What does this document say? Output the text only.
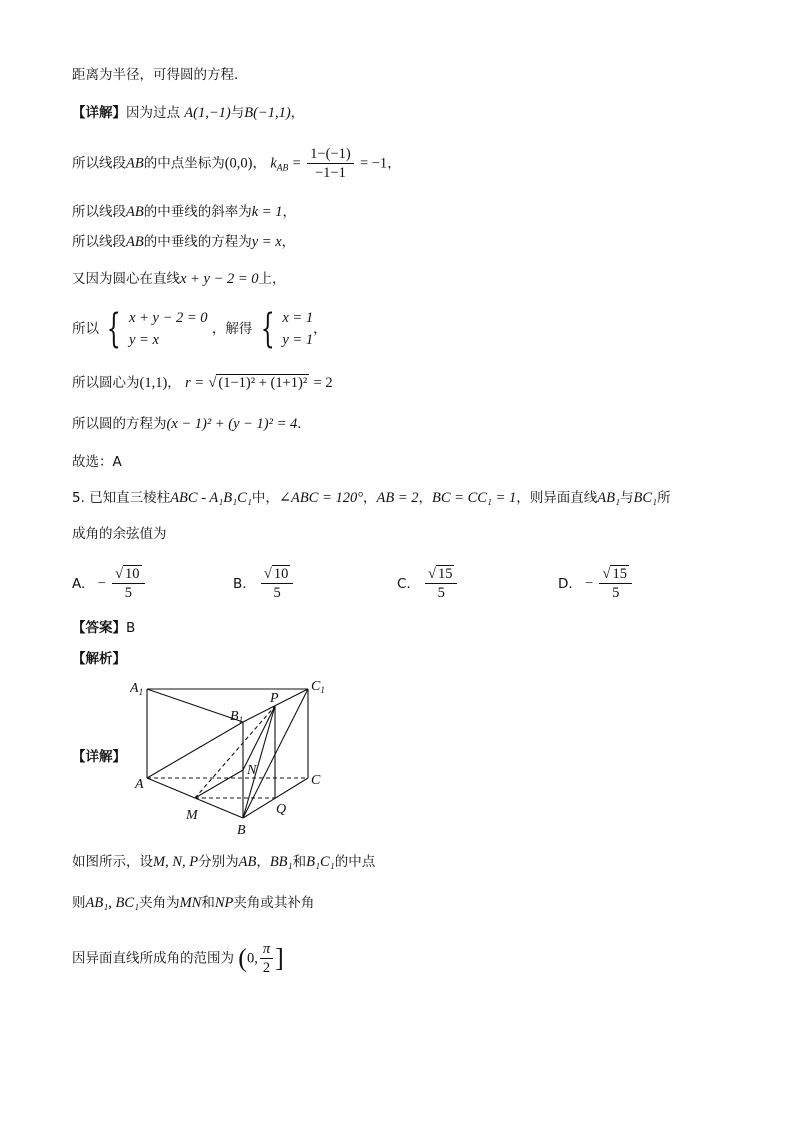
距离为半径，可得圆的方程．
【详解】因为过点 A(1,−1)与B(−1,1)，
所以线段AB的中点坐标为(0,0)， $k_{AB} = \frac{1-(-1)}{-1-1} = -1$，
所以线段AB的中垂线的斜率为k = 1，
所以线段AB的中垂线的方程为y = x，
又因为圆心在直线x + y − 2 = 0上，
所以 { x + y − 2 = 0
y = x
，解得 { x = 1
y = 1
，
所以圆心为(1,1)， r = √ (1−1)² + (1+1)² = 2
所以圆的方程为(x − 1)² + (y − 1)² = 4．
故选：A
5. 已知直三棱柱ABC - A₁B₁C₁中，∠ABC = 120°，AB = 2，BC = CC₁ = 1，则异面直线AB₁与BC₁所
成角的余弦值为
A. − $\frac{√ 10}{5}$	B. $\frac{√ 10}{5}$	C. $\frac{√ 15}{5}$	D. − $\frac{√ 15}{5}$
【答案】B
【解析】
【详解】
$A_1$
$B_1$
$C_1$
P
N
A	C
M
B
Q
如图所示，设M, N, P分别为AB，BB₁和B₁C₁的中点
则AB₁, BC₁夹角为MN和NP夹角或其补角
因异面直线所成角的范围为 (0, $\frac{\pi}{2}$ ]
